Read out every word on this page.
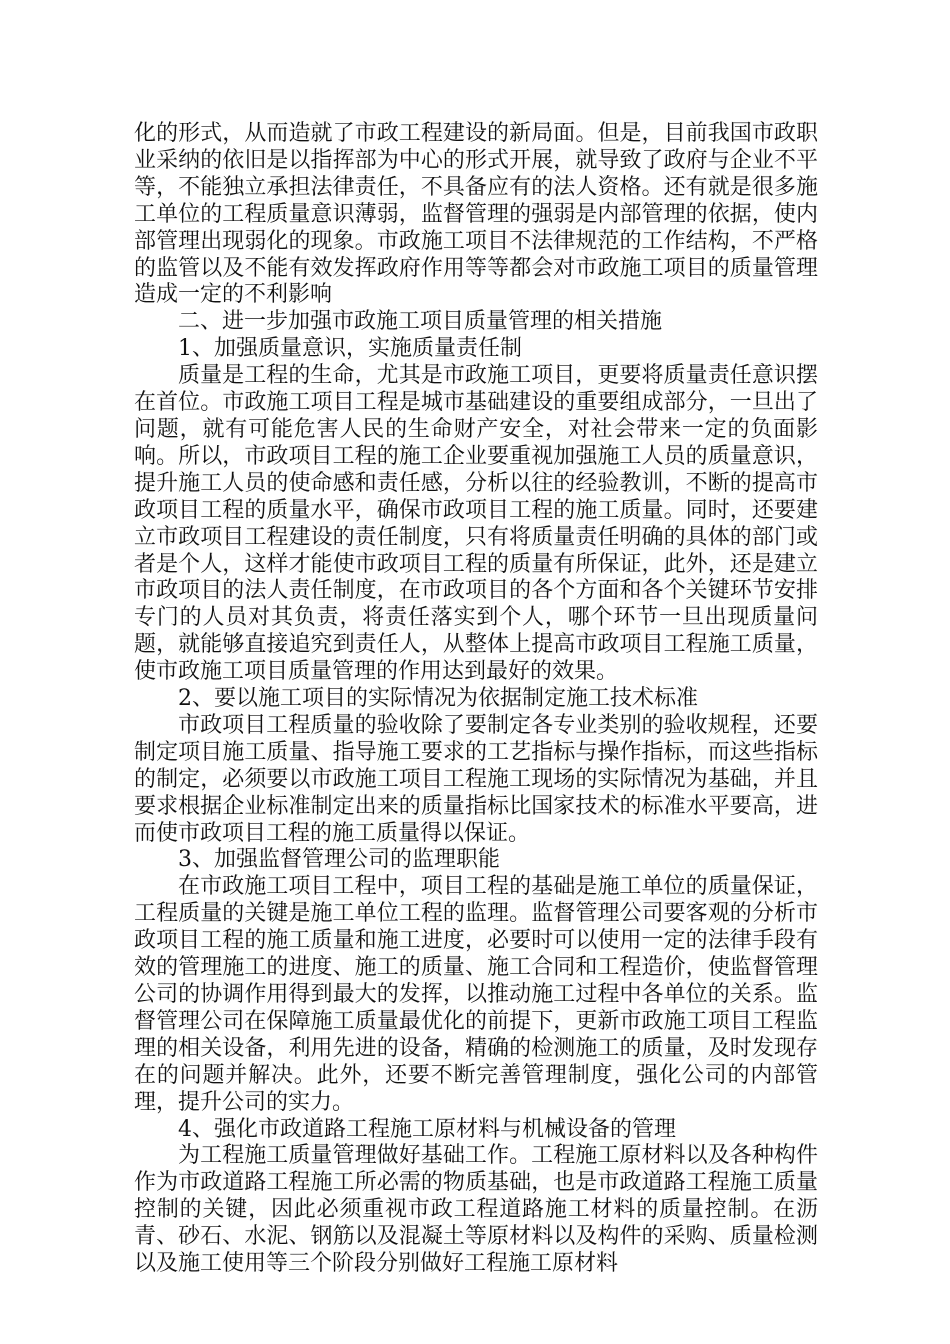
化的形式，从而造就了市政工程建设的新局面。但是，目前我国市政职业采纳的依旧是以指挥部为中心的形式开展，就导致了政府与企业不平等，不能独立承担法律责任，不具备应有的法人资格。还有就是很多施工单位的工程质量意识薄弱，监督管理的强弱是内部管理的依据，使内部管理出现弱化的现象。市政施工项目不法律规范的工作结构，不严格的监管以及不能有效发挥政府作用等等都会对市政施工项目的质量管理造成一定的不利影响

二、进一步加强市政施工项目质量管理的相关措施

1、加强质量意识，实施质量责任制

质量是工程的生命，尤其是市政施工项目，更要将质量责任意识摆在首位。市政施工项目工程是城市基础建设的重要组成部分，一旦出了问题，就有可能危害人民的生命财产安全，对社会带来一定的负面影响。所以，市政项目工程的施工企业要重视加强施工人员的质量意识，提升施工人员的使命感和责任感，分析以往的经验教训，不断的提高市政项目工程的质量水平，确保市政项目工程的施工质量。同时，还要建立市政项目工程建设的责任制度，只有将质量责任明确的具体的部门或者是个人，这样才能使市政项目工程的质量有所保证，此外，还是建立市政项目的法人责任制度，在市政项目的各个方面和各个关键环节安排专门的人员对其负责，将责任落实到个人，哪个环节一旦出现质量问题，就能够直接追究到责任人，从整体上提高市政项目工程施工质量，使市政施工项目质量管理的作用达到最好的效果。

2、要以施工项目的实际情况为依据制定施工技术标准

市政项目工程质量的验收除了要制定各专业类别的验收规程，还要制定项目施工质量、指导施工要求的工艺指标与操作指标，而这些指标的制定，必须要以市政施工项目工程施工现场的实际情况为基础，并且要求根据企业标准制定出来的质量指标比国家技术的标准水平要高，进而使市政项目工程的施工质量得以保证。

3、加强监督管理公司的监理职能

在市政施工项目工程中，项目工程的基础是施工单位的质量保证，工程质量的关键是施工单位工程的监理。监督管理公司要客观的分析市政项目工程的施工质量和施工进度，必要时可以使用一定的法律手段有效的管理施工的进度、施工的质量、施工合同和工程造价，使监督管理公司的协调作用得到最大的发挥，以推动施工过程中各单位的关系。监督管理公司在保障施工质量最优化的前提下，更新市政施工项目工程监理的相关设备，利用先进的设备，精确的检测施工的质量，及时发现存在的问题并解决。此外，还要不断完善管理制度，强化公司的内部管理，提升公司的实力。

4、强化市政道路工程施工原材料与机械设备的管理

为工程施工质量管理做好基础工作。工程施工原材料以及各种构件作为市政道路工程施工所必需的物质基础，也是市政道路工程施工质量控制的关键，因此必须重视市政工程道路施工材料的质量控制。在沥青、砂石、水泥、钢筋以及混凝土等原材料以及构件的采购、质量检测以及施工使用等三个阶段分别做好工程施工原材料
